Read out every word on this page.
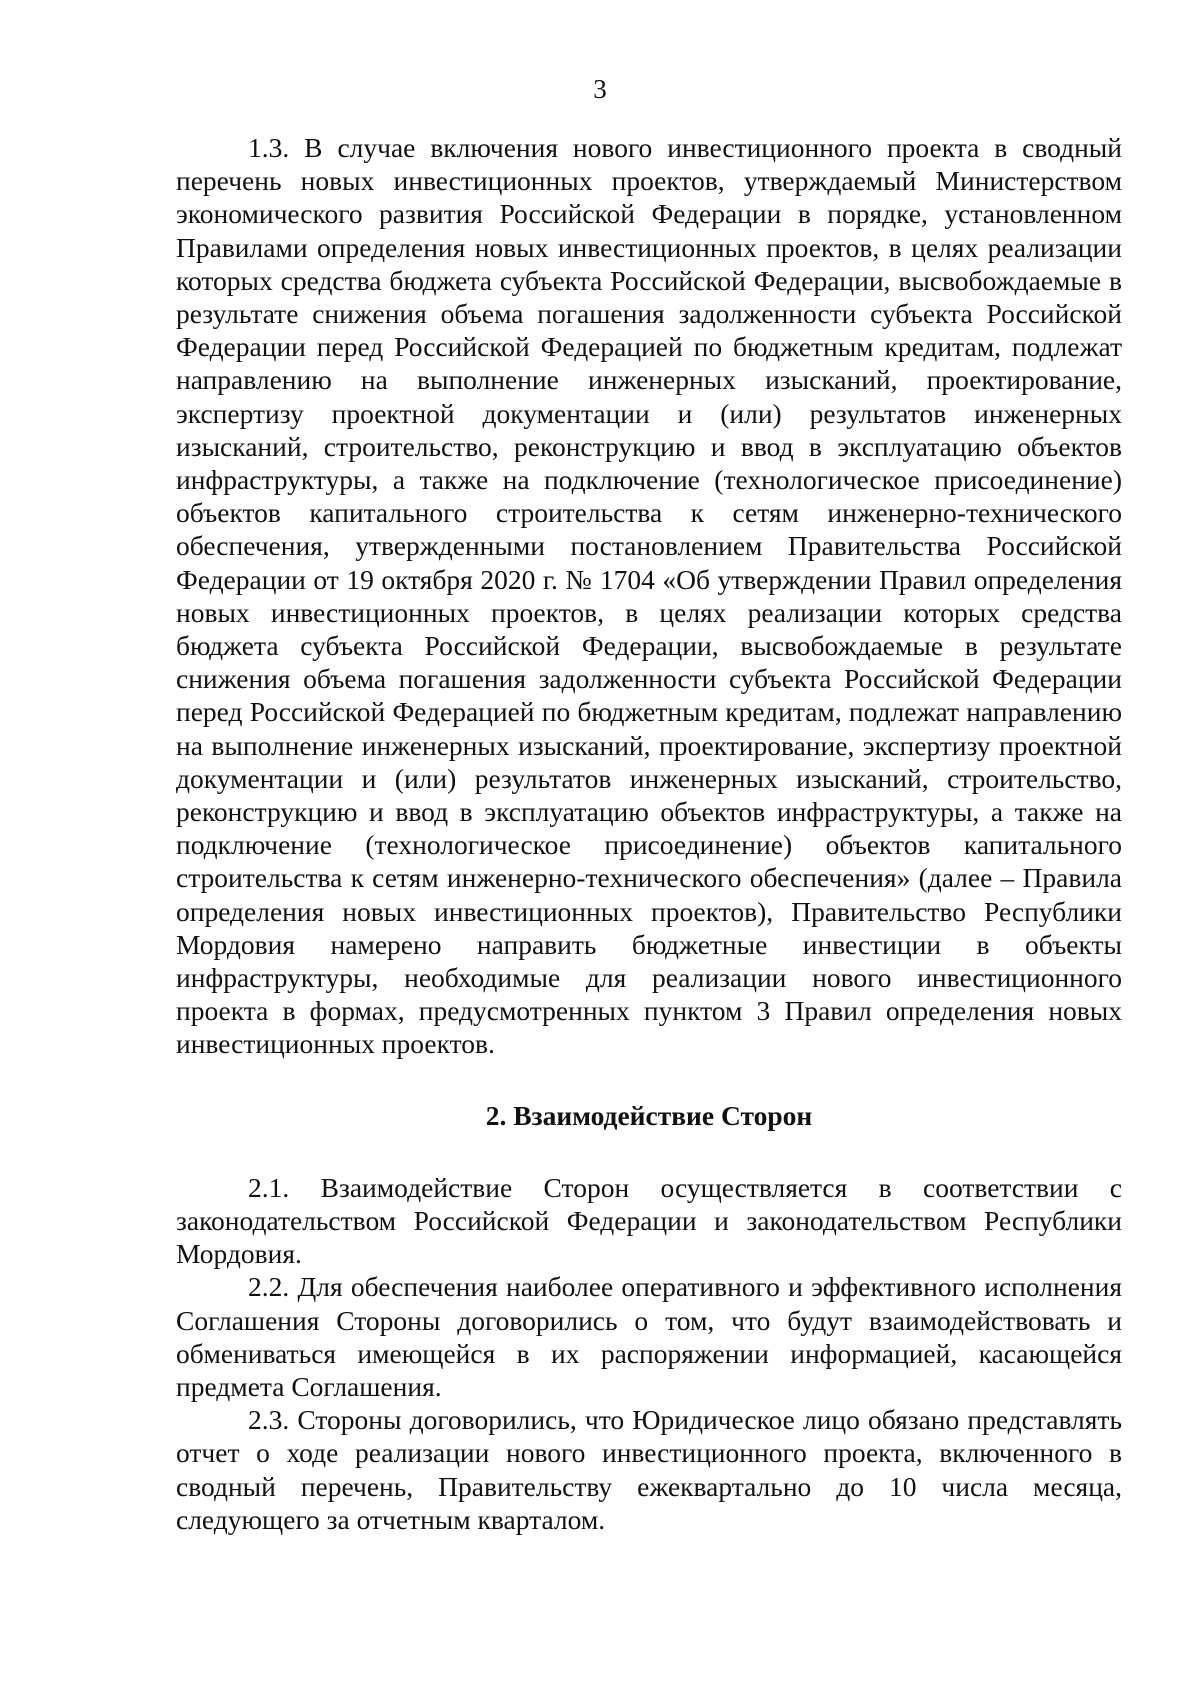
3

1.3. В случае включения нового инвестиционного проекта в сводный перечень новых инвестиционных проектов, утверждаемый Министерством экономического развития Российской Федерации в порядке, установленном Правилами определения новых инвестиционных проектов, в целях реализации которых средства бюджета субъекта Российской Федерации, высвобождаемые в результате снижения объема погашения задолженности субъекта Российской Федерации перед Российской Федерацией по бюджетным кредитам, подлежат направлению на выполнение инженерных изысканий, проектирование, экспертизу проектной документации и (или) результатов инженерных изысканий, строительство, реконструкцию и ввод в эксплуатацию объектов инфраструктуры, а также на подключение (технологическое присоединение) объектов капитального строительства к сетям инженерно-технического обеспечения, утвержденными постановлением Правительства Российской Федерации от 19 октября 2020 г. № 1704 «Об утверждении Правил определения новых инвестиционных проектов, в целях реализации которых средства бюджета субъекта Российской Федерации, высвобождаемые в результате снижения объема погашения задолженности субъекта Российской Федерации перед Российской Федерацией по бюджетным кредитам, подлежат направлению на выполнение инженерных изысканий, проектирование, экспертизу проектной документации и (или) результатов инженерных изысканий, строительство, реконструкцию и ввод в эксплуатацию объектов инфраструктуры, а также на подключение (технологическое присоединение) объектов капитального строительства к сетям инженерно-технического обеспечения» (далее – Правила определения новых инвестиционных проектов), Правительство Республики Мордовия намерено направить бюджетные инвестиции в объекты инфраструктуры, необходимые для реализации нового инвестиционного проекта в формах, предусмотренных пунктом 3 Правил определения новых инвестиционных проектов.

2. Взаимодействие Сторон

2.1. Взаимодействие Сторон осуществляется в соответствии с законодательством Российской Федерации и законодательством Республики Мордовия.

2.2. Для обеспечения наиболее оперативного и эффективного исполнения Соглашения Стороны договорились о том, что будут взаимодействовать и обмениваться имеющейся в их распоряжении информацией, касающейся предмета Соглашения.

2.3. Стороны договорились, что Юридическое лицо обязано представлять отчет о ходе реализации нового инвестиционного проекта, включенного в сводный перечень, Правительству ежеквартально до 10 числа месяца, следующего за отчетным кварталом.
